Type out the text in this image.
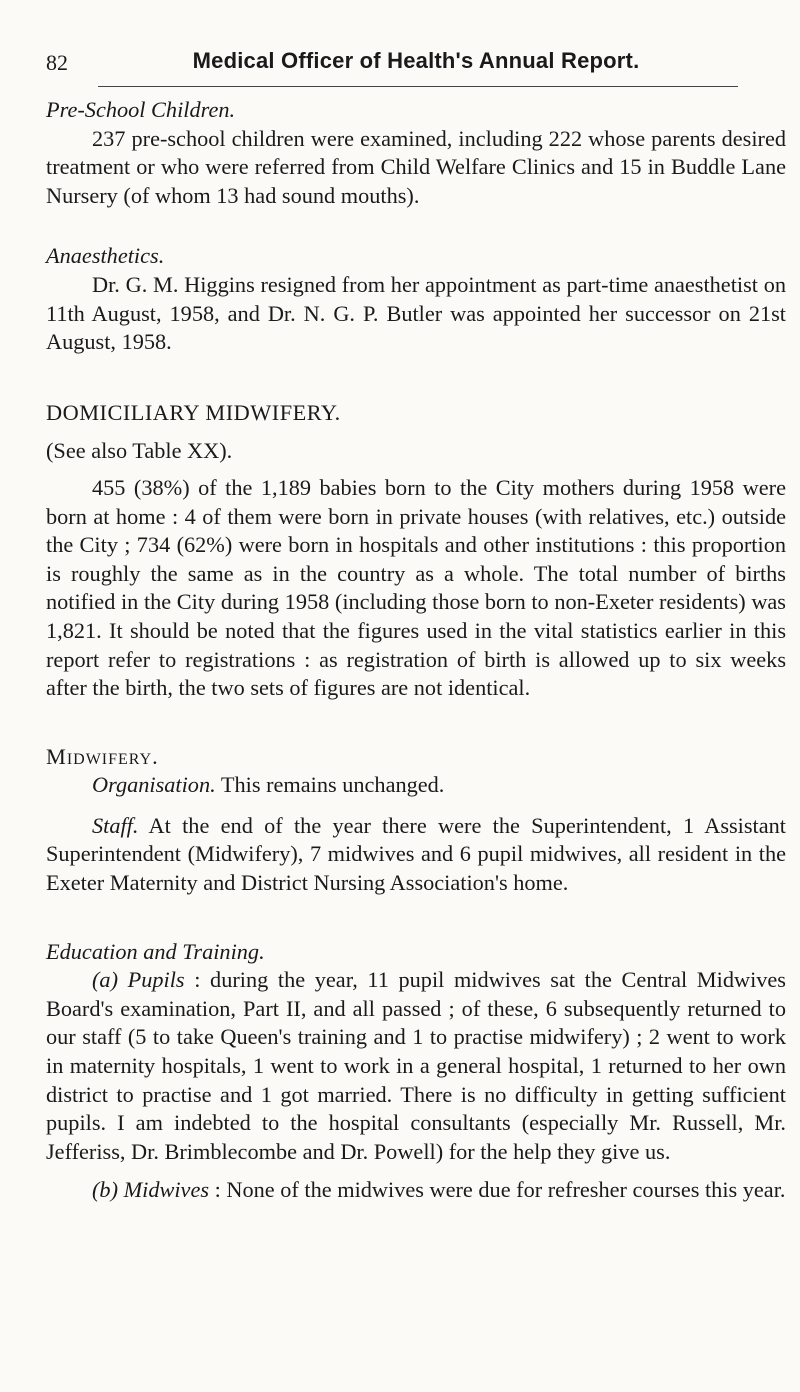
82	Medical Officer of Health's Annual Report.

Pre-School Children.

237 pre-school children were examined, including 222 whose parents desired treatment or who were referred from Child Welfare Clinics and 15 in Buddle Lane Nursery (of whom 13 had sound mouths).

Anaesthetics.

Dr. G. M. Higgins resigned from her appointment as part-time anaesthetist on 11th August, 1958, and Dr. N. G. P. Butler was appointed her successor on 21st August, 1958.

DOMICILIARY MIDWIFERY.

(See also Table XX).

455 (38%) of the 1,189 babies born to the City mothers during 1958 were born at home : 4 of them were born in private houses (with relatives, etc.) outside the City ; 734 (62%) were born in hospitals and other institutions : this proportion is roughly the same as in the country as a whole. The total number of births notified in the City during 1958 (including those born to non-Exeter residents) was 1,821. It should be noted that the figures used in the vital statistics earlier in this report refer to registrations : as registration of birth is allowed up to six weeks after the birth, the two sets of figures are not identical.

Midwifery.

Organisation. This remains unchanged.

Staff. At the end of the year there were the Superintendent, 1 Assistant Superintendent (Midwifery), 7 midwives and 6 pupil midwives, all resident in the Exeter Maternity and District Nursing Association's home.

Education and Training.

(a) Pupils : during the year, 11 pupil midwives sat the Central Midwives Board's examination, Part II, and all passed ; of these, 6 subsequently returned to our staff (5 to take Queen's training and 1 to practise midwifery) ; 2 went to work in maternity hospitals, 1 went to work in a general hospital, 1 returned to her own district to practise and 1 got married. There is no difficulty in getting sufficient pupils. I am indebted to the hospital consultants (especially Mr. Russell, Mr. Jefferiss, Dr. Brimblecombe and Dr. Powell) for the help they give us.

(b) Midwives : None of the midwives were due for refresher courses this year.
